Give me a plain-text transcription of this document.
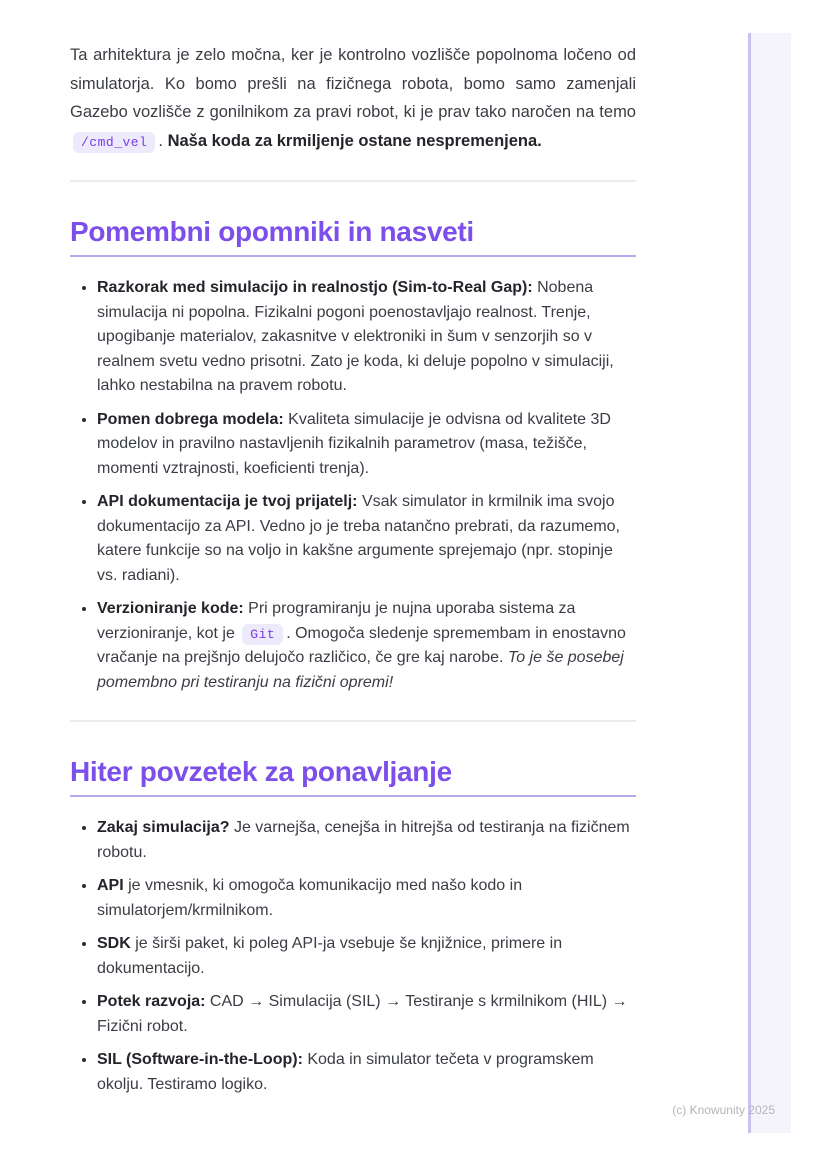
Ta arhitektura je zelo močna, ker je kontrolno vozlišče popolnoma ločeno od simulatorja. Ko bomo prešli na fizičnega robota, bomo samo zamenjali Gazebo vozlišče z gonilnikom za pravi robot, ki je prav tako naročen na temo /cmd_vel . Naša koda za krmiljenje ostane nespremenjena.

Pomembni opomniki in nasveti
• Razkorak med simulacijo in realnostjo (Sim-to-Real Gap): Nobena simulacija ni popolna. Fizikalni pogoni poenostavljajo realnost. Trenje, upogibanje materialov, zakasnitve v elektroniki in šum v senzorjih so v realnem svetu vedno prisotni. Zato je koda, ki deluje popolno v simulaciji, lahko nestabilna na pravem robotu.
• Pomen dobrega modela: Kvaliteta simulacije je odvisna od kvalitete 3D modelov in pravilno nastavljenih fizikalnih parametrov (masa, težišče, momenti vztrajnosti, koeficienti trenja).
• API dokumentacija je tvoj prijatelj: Vsak simulator in krmilnik ima svojo dokumentacijo za API. Vedno jo je treba natančno prebrati, da razumemo, katere funkcije so na voljo in kakšne argumente sprejemajo (npr. stopinje vs. radiani).
• Verzioniranje kode: Pri programiranju je nujna uporaba sistema za verzioniranje, kot je Git . Omogoča sledenje spremembam in enostavno vračanje na prejšnjo delujočo različico, če gre kaj narobe. To je še posebej pomembno pri testiranju na fizični opremi!
Hiter povzetek za ponavljanje
• Zakaj simulacija? Je varnejša, cenejša in hitrejša od testiranja na fizičnem robotu.
• API je vmesnik, ki omogoča komunikacijo med našo kodo in simulatorjem/krmilnikom.
• SDK je širši paket, ki poleg API-ja vsebuje še knjižnice, primere in dokumentacijo.
• Potek razvoja: CAD → Simulacija (SIL) → Testiranje s krmilnikom (HIL) → Fizični robot.
• SIL (Software-in-the-Loop): Koda in simulator tečeta v programskem okolju. Testiramo logiko.
(c) Knowunity 2025
